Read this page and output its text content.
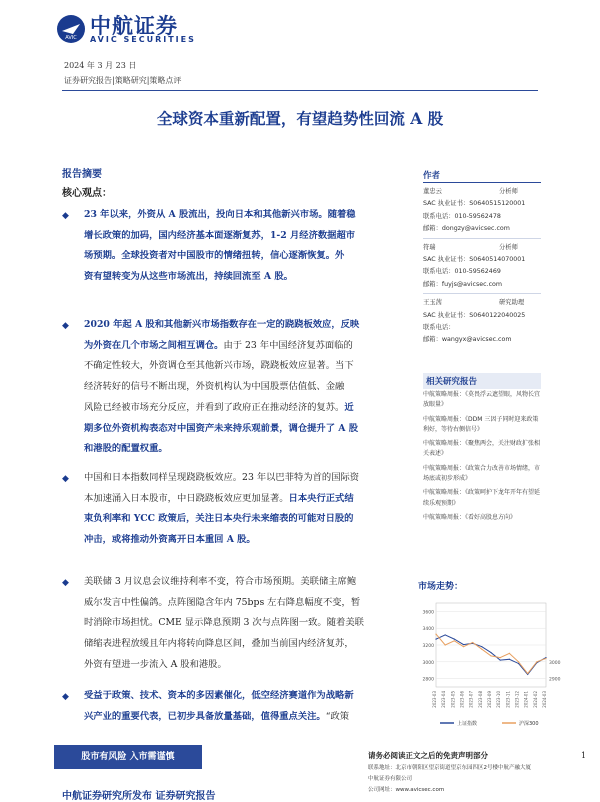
AVIC 中航证券
AVIC SECURITIES
2024 年 3 月 23 日
证券研究报告|策略研究|策略点评
全球资本重新配置，有望趋势性回流 A 股
报告摘要
核心观点：
◆ 23 年以来，外资从 A 股流出，投向日本和其他新兴市场。随着稳
增长政策的加码，国内经济基本面逐渐复苏，1-2 月经济数据超市
场预期。全球投资者对中国股市的情绪扭转，信心逐渐恢复。外
资有望转变为从这些市场流出，持续回流至 A 股。
◆ 2020 年起 A 股和其他新兴市场指数存在一定的跷跷板效应，反映
为外资在几个市场之间相互调仓。由于 23 年中国经济复苏面临的
不确定性较大，外资调仓至其他新兴市场，跷跷板效应显著。当下
经济转好的信号不断出现，外资机构认为中国股票估值低、金融
风险已经被市场充分反应，并看到了政府正在推动经济的复苏。近
期多位外资机构表态对中国资产未来持乐观前景，调仓提升了 A 股
和港股的配置权重。
◆ 中国和日本指数同样呈现跷跷板效应。23 年以巴菲特为首的国际资
本加速涌入日本股市，中日跷跷板效应更加显著。日本央行正式结
束负利率和 YCC 政策后，关注日本央行未来缩表的可能对日股的
冲击，或将推动外资离开日本重回 A 股。
◆ 美联储 3 月议息会议维持利率不变，符合市场预期。美联储主席鲍
威尔发言中性偏鸽。点阵图隐含年内 75bps 左右降息幅度不变，暂
时消除市场担忧。CME 显示降息预期 3 次与点阵图一致。随着美联
储缩表进程放缓且年内将转向降息区间，叠加当前国内经济复苏，
外资有望进一步流入 A 股和港股。
◆ 受益于政策、技术、资本的多因素催化，低空经济赛道作为战略新
兴产业的重要代表，已初步具备放量基础，值得重点关注。“政策
作者
董忠云	分析师
SAC 执业证书：S0640515120001
联系电话：010-59562478
邮箱：dongzy@avicsec.com
符瑞	分析师
SAC 执业证书：S0640514070001
联系电话：010-59562469
邮箱：fuyjs@avicsec.com
王玉茜	研究助理
SAC 执业证书：S0640122040025
联系电话：
邮箱：wangyx@avicsec.com
相关研究报告
中航策略周报：《莫畏浮云遮望眼，风物长宜放眼量》
中航策略周报：《DDM 三因子同时迎来政策利好，等待右侧信号》
中航策略周报：《聚焦两会，关注财政扩张相关表述》
中航策略周报：《政策合力改善市场情绪，市场底或初步形成》
中航策略周报：《政策呵护下龙年开年有望延续乐观预期》
中航策略周报：《看好高股息方向》
市场走势：
3600
3400
3200
3000
2800
3000
2900
2023-03 2023-04 2023-05 2023-06 2023-07 2023-08 2023-09 2023-10 2023-11 2023-12 2024-01 2024-02 2024-03
上证指数	沪深300
股市有风险 入市需谨慎	请务必阅读正文之后的免责声明部分	1
联系地址：北京市朝阳区望京街道望京东园四区2号楼中航产融大厦
中航证券有限公司
公司网址：www.avicsec.com
中航证券研究所发布 证券研究报告
